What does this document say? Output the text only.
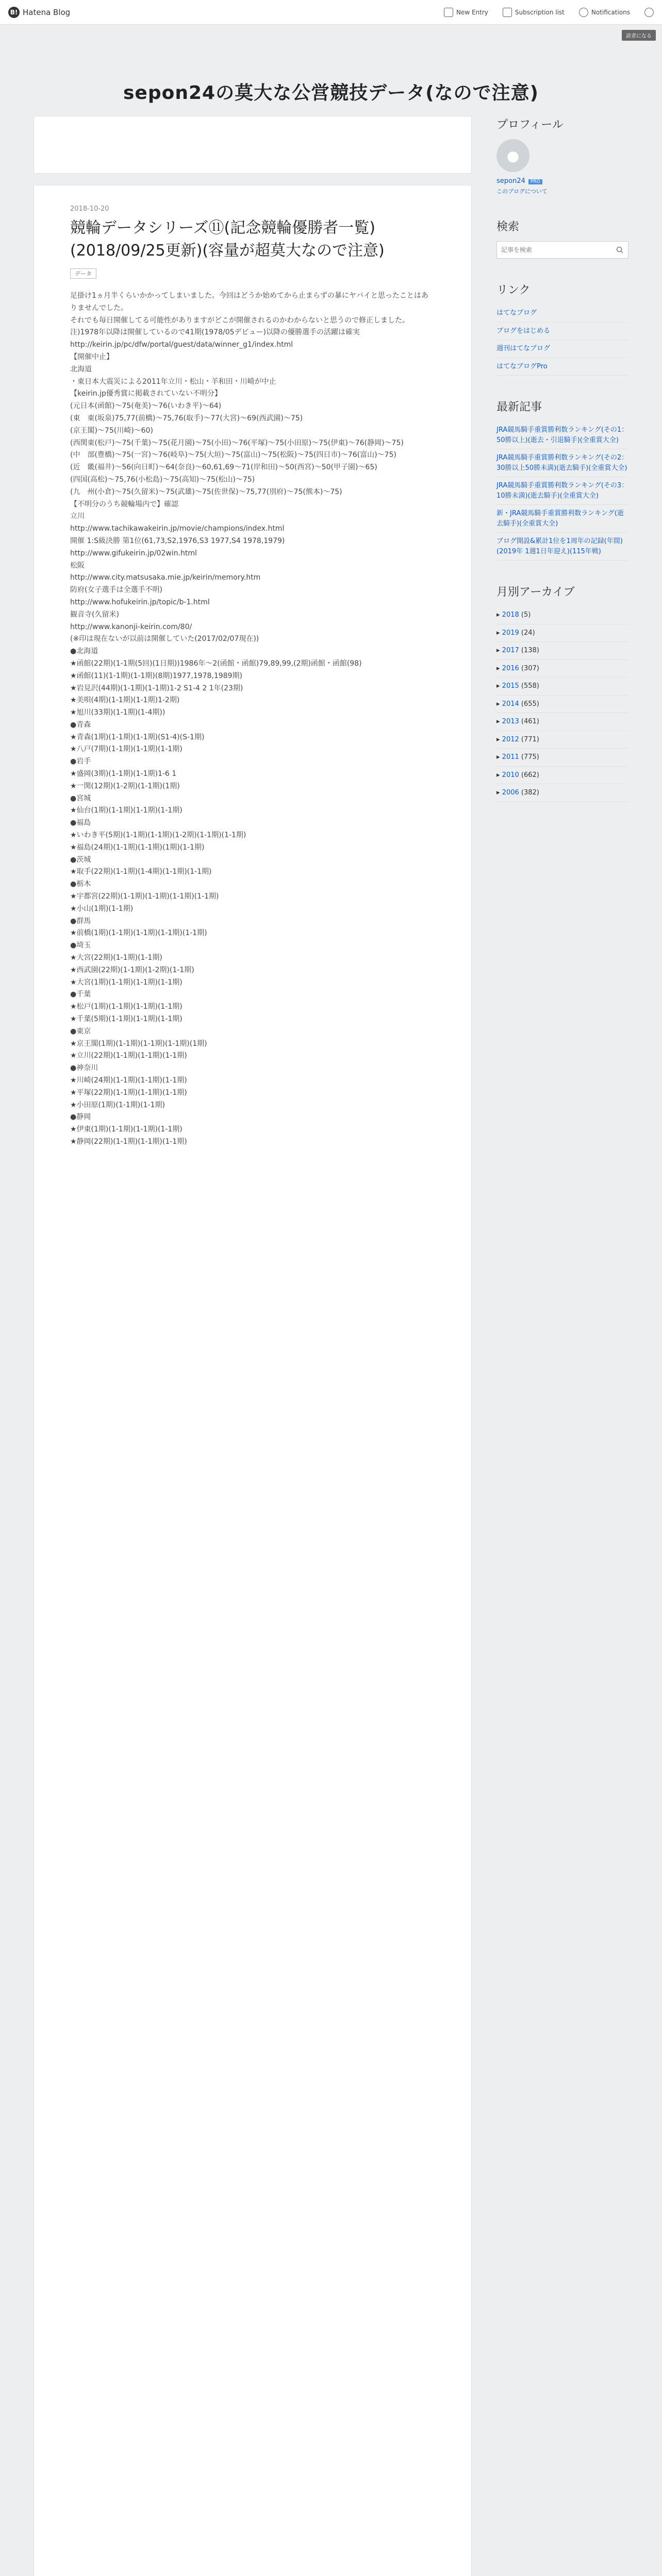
B! Hatena Blog	New Entry	Subscription list	Notifications
読者になる
sepon24の莫大な公営競技データ(なので注意)
2018-10-20
競輪データシリーズ⑪(記念競輪優勝者一覧)(2018/09/25更新)(容量が超莫大なので注意)
データ
足掛け1ヵ月半くらいかかってしまいました。今回はどうか始めてから止まらずの暴にヤバイと思ったことはありませんでした。
それでも毎日開催してる可能性がありますがどこが開催されるのかわからないと思うので修正しました。
注)1978年以降は開催しているので41期(1978/05デビュー)以降の優勝選手の活躍は確実
http://keirin.jp/pc/dfw/portal/guest/data/winner_g1/index.html
【開催中止】
北海道
・東日本大震災による2011年立川・松山・羊和田・川崎が中止
【keirin.jp優秀賞に掲載されていない不明分】
(元日本(函館)〜75(奄美)〜76(いわき平)〜64)
(東　東(坂泉)75,77(前橋)〜75,76(取手)〜77(大宮)〜69(西武園)〜75)
(京王閣)〜75(川崎)〜60)
(西関東(松戸)〜75(千葉)〜75(花月園)〜75(小田)〜76(平塚)〜75(小田原)〜75(伊東)〜76(静岡)〜75)
(中　部(豊橋)〜75(一宮)〜76(岐阜)〜75(大垣)〜75(富山)〜75(松阪)〜75(四日市)〜76(富山)〜75)
(近　畿(福井)〜56(向日町)〜64(奈良)〜60,61,69〜71(岸和田)〜50(西宮)〜50(甲子園)〜65)
(四国(高松)〜75,76(小松島)〜75(高知)〜75(松山)〜75)
(九　州(小倉)〜75(久留米)〜75(武雄)〜75(佐世保)〜75,77(別府)〜75(熊本)〜75)
【不明分のうち競輪場内で】確認
立川
http://www.tachikawakeirin.jp/movie/champions/index.html
開催 1:S級決勝 第1位(61,73,S2,1976,S3 1977,S4 1978,1979)
http://www.gifukeirin.jp/02win.html
松阪
http://www.city.matsusaka.mie.jp/keirin/memory.htm
防府(女子選手は全選手不明)
http://www.hofukeirin.jp/topic/b-1.html
観音寺(久留米)
http://www.kanonji-keirin.com/80/
(※印は現在ないが以前は開催していた(2017/02/07現在))
●北海道
★函館(22期)(1-1期(5回)(1日期))1986年〜2(函館・函館)79,89,99,(2期)函館・函館(98)
★函館(11)(1-1期)(1-1期)(8期)1977,1978,1989期)
★岩見沢(44期)(1-1期)(1-1期)1-2 S1-4 2 1年(23期)
★美唄(4期)(1-1期)(1-1期)1-2期)
★旭川(33期)(1-1期)(1-4期))
●青森
★青森(1期)(1-1期)(1-1期)(S1-4)(S-1期)
★八戸(7期)(1-1期)(1-1期)(1-1期)
●岩手
★盛岡(3期)(1-1期)(1-1期)1-6 1
★一関(12期)(1-2期)(1-1期)(1期)
●宮城
★仙台(1期)(1-1期)(1-1期)(1-1期)
●福島
★いわき平(5期)(1-1期)(1-1期)(1-2期)(1-1期)(1-1期)
★福島(24期)(1-1期)(1-1期)(1期)(1-1期)
●茨城
★取手(22期)(1-1期)(1-4期)(1-1期)(1-1期)
●栃木
★宇都宮(22期)(1-1期)(1-1期)(1-1期)(1-1期)
★小山(1期)(1-1期)
●群馬
★前橋(1期)(1-1期)(1-1期)(1-1期)(1-1期)
●埼玉
★大宮(22期)(1-1期)(1-1期)
★西武園(22期)(1-1期)(1-2期)(1-1期)
★大宮(1期)(1-1期)(1-1期)(1-1期)
●千葉
★松戸(1期)(1-1期)(1-1期)(1-1期)
★千葉(5期)(1-1期)(1-1期)(1-1期)
●東京
★京王閣(1期)(1-1期)(1-1期)(1-1期)(1期)
★立川(22期)(1-1期)(1-1期)(1-1期)
●神奈川
★川崎(24期)(1-1期)(1-1期)(1-1期)
★平塚(22期)(1-1期)(1-1期)(1-1期)
★小田原(1期)(1-1期)(1-1期)
●静岡
★伊東(1期)(1-1期)(1-1期)(1-1期)
★静岡(22期)(1-1期)(1-1期)(1-1期)
プロフィール
●
sepon24 PRO
このブログについて
検索
記事を検索
リンク
はてなブログ
ブログをはじめる
週刊はてなブログ
はてなブログPro
最新記事
JRA競馬騎手重賞勝利数ランキング(その1：50勝以上)(逝去・引退騎手)(全重賞大全)
JRA競馬騎手重賞勝利数ランキング(その2：30勝以上50勝未満)(逝去騎手)(全重賞大全)
JRA競馬騎手重賞勝利数ランキング(その3：10勝未満)(逝去騎手)(全重賞大全)
新・JRA競馬騎手重賞勝利数ランキング(逝去騎手)(全重賞大全)
ブログ開設&累計1位を1周年の記録(年間)(2019年 1週1日年迎え)(115年戦)
月別アーカイブ
▸ 2018 (5)
▸ 2019 (24)
▸ 2017 (138)
▸ 2016 (307)
▸ 2015 (558)
▸ 2014 (655)
▸ 2013 (461)
▸ 2012 (771)
▸ 2011 (775)
▸ 2010 (662)
▸ 2006 (382)
